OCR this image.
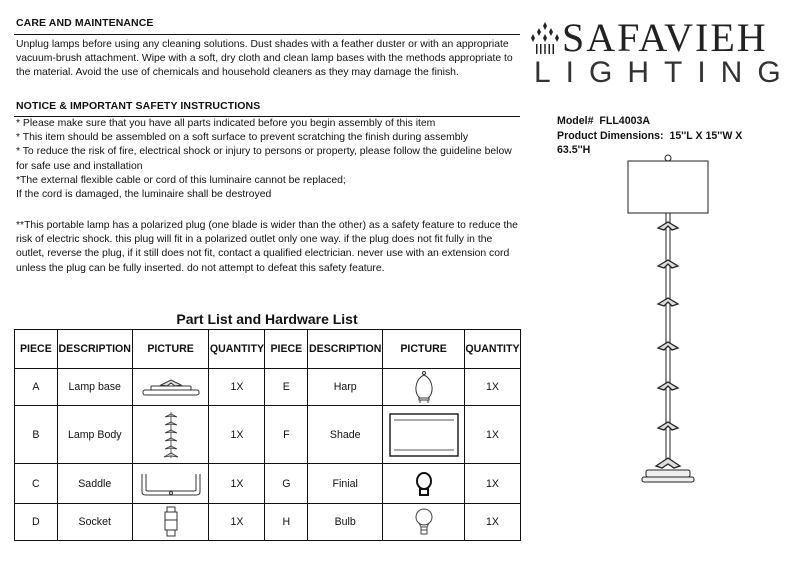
CARE AND MAINTENANCE

Unplug lamps before using any cleaning solutions. Dust shades with a feather duster or with an appropriate vacuum-brush attachment. Wipe with a soft, dry cloth and clean lamp bases with the methods appropriate to the material. Avoid the use of chemicals and household cleaners as they may damage the finish.

NOTICE & IMPORTANT SAFETY INSTRUCTIONS

* Please make sure that you have all parts indicated before you begin assembly of this item

* This item should be assembled on a soft surface to prevent scratching the finish during assembly

* To reduce the risk of fire, electrical shock or injury to persons or property, please follow the guideline below for safe use and installation

*The external flexible cable or cord of this luminaire cannot be replaced;

If the cord is damaged, the luminaire shall be destroyed

**This portable lamp has a polarized plug (one blade is wider than the other) as a safety feature to reduce the risk of electric shock. this plug will fit in a polarized outlet only one way. if the plug does not fit fully in the outlet, reverse the plug, if it still does not fit, contact a qualified electrician. never use with an extension cord unless the plug can be fully inserted. do not attempt to defeat this safety feature.

SAFAVIEH
LIGHTING
Model# FLL4003A
Product Dimensions: 15''L X 15''W X 63.5''H
Part List and Hardware List
PIECE	DESCRIPTION	PICTURE	QUANTITY	PIECE	DESCRIPTION	PICTURE	QUANTITY
A	Lamp base		1X	E	Harp		1X
B	Lamp Body		1X	F	Shade		1X
C	Saddle		1X	G	Finial		1X
D	Socket		1X	H	Bulb		1X
